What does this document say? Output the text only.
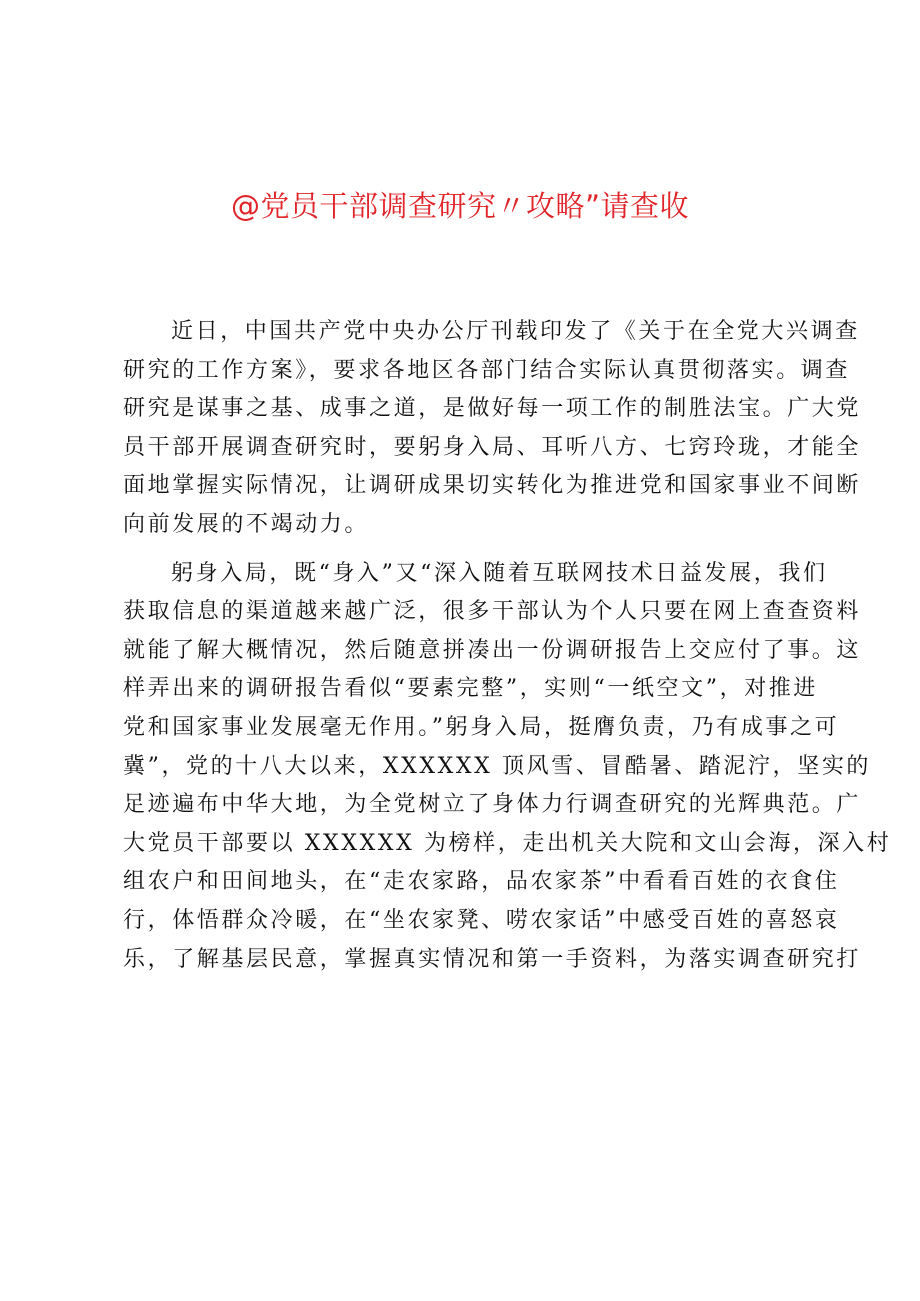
@党员干部调查研究〃攻略”请查收
近日，中国共产党中央办公厅刊载印发了《关于在全党大兴调查
研究的工作方案》，要求各地区各部门结合实际认真贯彻落实。调查
研究是谋事之基、成事之道，是做好每一项工作的制胜法宝。广大党
员干部开展调查研究时，要躬身入局、耳听八方、七窍玲珑，才能全
面地掌握实际情况，让调研成果切实转化为推进党和国家事业不间断
向前发展的不竭动力。
躬身入局，既“身入”又“深入随着互联网技术日益发展，我们
获取信息的渠道越来越广泛，很多干部认为个人只要在网上查查资料
就能了解大概情况，然后随意拼凑出一份调研报告上交应付了事。这
样弄出来的调研报告看似“要素完整”，实则“一纸空文”，对推进
党和国家事业发展毫无作用。”躬身入局，挺膺负责，乃有成事之可
冀”，党的十八大以来，XXXXXX 顶风雪、冒酷暑、踏泥泞，坚实的
足迹遍布中华大地，为全党树立了身体力行调查研究的光辉典范。广
大党员干部要以 XXXXXX 为榜样，走出机关大院和文山会海，深入村
组农户和田间地头，在“走农家路，品农家茶”中看看百姓的衣食住
行，体悟群众冷暖，在“坐农家凳、唠农家话”中感受百姓的喜怒哀
乐，了解基层民意，掌握真实情况和第一手资料，为落实调查研究打
